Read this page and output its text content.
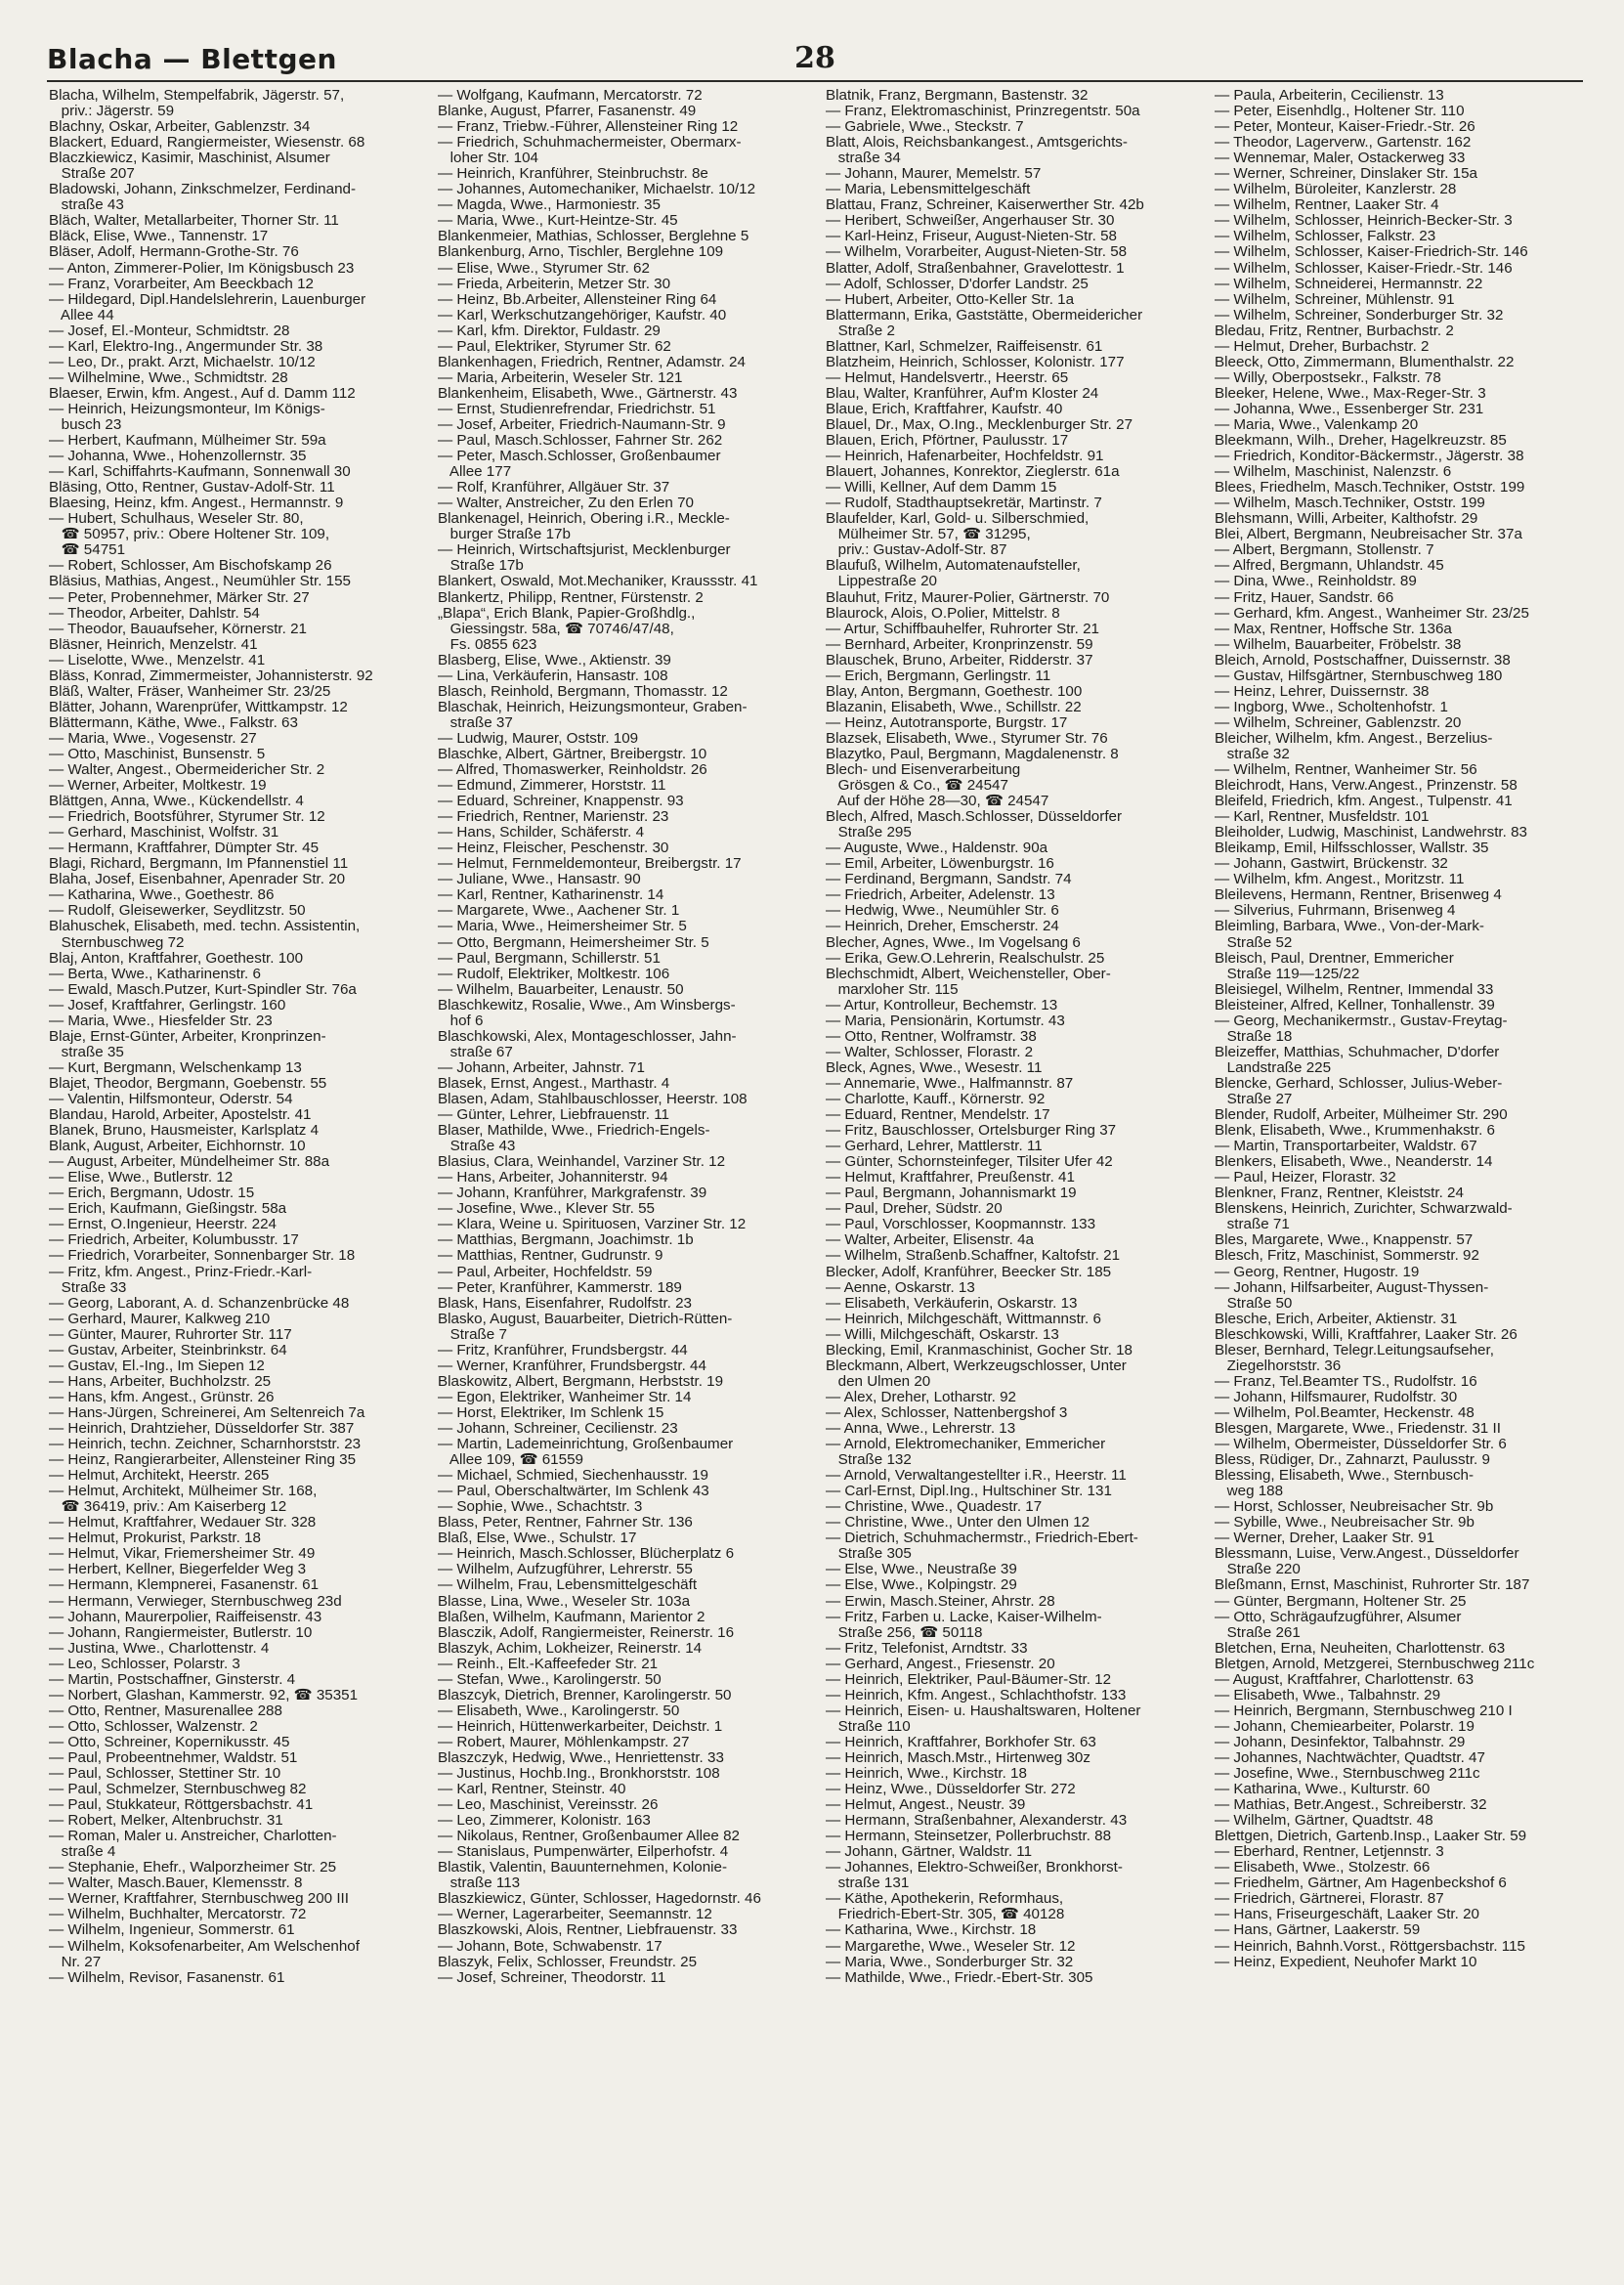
Blacha — Blettgen	28
Blacha, Wilhelm, Stempelfabrik, Jägerstr. 57,
priv.: Jägerstr. 59
Blachny, Oskar, Arbeiter, Gablenzstr. 34
Blackert, Eduard, Rangiermeister, Wiesenstr. 68
Blaczkiewicz, Kasimir, Maschinist, Alsumer
Straße 207
Bladowski, Johann, Zinkschmelzer, Ferdinand-
straße 43
Bläch, Walter, Metallarbeiter, Thorner Str. 11
Bläck, Elise, Wwe., Tannenstr. 17
Bläser, Adolf, Hermann-Grothe-Str. 76
— Anton, Zimmerer-Polier, Im Königsbusch 23
— Franz, Vorarbeiter, Am Beeckbach 12
— Hildegard, Dipl.Handelslehrerin, Lauenburger
Allee 44
— Josef, El.-Monteur, Schmidtstr. 28
— Karl, Elektro-Ing., Angermunder Str. 38
— Leo, Dr., prakt. Arzt, Michaelstr. 10/12
— Wilhelmine, Wwe., Schmidtstr. 28
Blaeser, Erwin, kfm. Angest., Auf d. Damm 112
— Heinrich, Heizungsmonteur, Im Königs-
busch 23
— Herbert, Kaufmann, Mülheimer Str. 59a
— Johanna, Wwe., Hohenzollernstr. 35
— Karl, Schiffahrts-Kaufmann, Sonnenwall 30
Bläsing, Otto, Rentner, Gustav-Adolf-Str. 11
Blaesing, Heinz, kfm. Angest., Hermannstr. 9
— Hubert, Schulhaus, Weseler Str. 80,
☎ 50957, priv.: Obere Holtener Str. 109,
☎ 54751
— Robert, Schlosser, Am Bischofskamp 26
Bläsius, Mathias, Angest., Neumühler Str. 155
— Peter, Probennehmer, Märker Str. 27
— Theodor, Arbeiter, Dahlstr. 54
— Theodor, Bauaufseher, Körnerstr. 21
Bläsner, Heinrich, Menzelstr. 41
— Liselotte, Wwe., Menzelstr. 41
Bläss, Konrad, Zimmermeister, Johannisterstr. 92
Bläß, Walter, Fräser, Wanheimer Str. 23/25
Blätter, Johann, Warenprüfer, Wittkampstr. 12
Blättermann, Käthe, Wwe., Falkstr. 63
— Maria, Wwe., Vogesenstr. 27
— Otto, Maschinist, Bunsenstr. 5
— Walter, Angest., Obermeidericher Str. 2
— Werner, Arbeiter, Moltkestr. 19
Blättgen, Anna, Wwe., Kückendellstr. 4
— Friedrich, Bootsführer, Styrumer Str. 12
— Gerhard, Maschinist, Wolfstr. 31
— Hermann, Kraftfahrer, Dümpter Str. 45
Blagi, Richard, Bergmann, Im Pfannenstiel 11
Blaha, Josef, Eisenbahner, Apenrader Str. 20
— Katharina, Wwe., Goethestr. 86
— Rudolf, Gleisewerker, Seydlitzstr. 50
Blahuschek, Elisabeth, med. techn. Assistentin,
Sternbuschweg 72
Blaj, Anton, Kraftfahrer, Goethestr. 100
— Berta, Wwe., Katharinenstr. 6
— Ewald, Masch.Putzer, Kurt-Spindler Str. 76a
— Josef, Kraftfahrer, Gerlingstr. 160
— Maria, Wwe., Hiesfelder Str. 23
Blaje, Ernst-Günter, Arbeiter, Kronprinzen-
straße 35
— Kurt, Bergmann, Welschenkamp 13
Blajet, Theodor, Bergmann, Goebenstr. 55
— Valentin, Hilfsmonteur, Oderstr. 54
Blandau, Harold, Arbeiter, Apostelstr. 41
Blanek, Bruno, Hausmeister, Karlsplatz 4
Blank, August, Arbeiter, Eichhornstr. 10
— August, Arbeiter, Mündelheimer Str. 88a
— Elise, Wwe., Butlerstr. 12
— Erich, Bergmann, Udostr. 15
— Erich, Kaufmann, Gießingstr. 58a
— Ernst, O.Ingenieur, Heerstr. 224
— Friedrich, Arbeiter, Kolumbusstr. 17
— Friedrich, Vorarbeiter, Sonnenbarger Str. 18
— Fritz, kfm. Angest., Prinz-Friedr.-Karl-
Straße 33
— Georg, Laborant, A. d. Schanzenbrücke 48
— Gerhard, Maurer, Kalkweg 210
— Günter, Maurer, Ruhrorter Str. 117
— Gustav, Arbeiter, Steinbrinkstr. 64
— Gustav, El.-Ing., Im Siepen 12
— Hans, Arbeiter, Buchholzstr. 25
— Hans, kfm. Angest., Grünstr. 26
— Hans-Jürgen, Schreinerei, Am Seltenreich 7a
— Heinrich, Drahtzieher, Düsseldorfer Str. 387
— Heinrich, techn. Zeichner, Scharnhorststr. 23
— Heinz, Rangierarbeiter, Allensteiner Ring 35
— Helmut, Architekt, Heerstr. 265
— Helmut, Architekt, Mülheimer Str. 168,
☎ 36419, priv.: Am Kaiserberg 12
— Helmut, Kraftfahrer, Wedauer Str. 328
— Helmut, Prokurist, Parkstr. 18
— Helmut, Vikar, Friemersheimer Str. 49
— Herbert, Kellner, Biegerfelder Weg 3
— Hermann, Klempnerei, Fasanenstr. 61
— Hermann, Verwieger, Sternbuschweg 23d
— Johann, Maurerpolier, Raiffeisenstr. 43
— Johann, Rangiermeister, Butlerstr. 10
— Justina, Wwe., Charlottenstr. 4
— Leo, Schlosser, Polarstr. 3
— Martin, Postschaffner, Ginsterstr. 4
— Norbert, Glashan, Kammerstr. 92, ☎ 35351
— Otto, Rentner, Masurenallee 288
— Otto, Schlosser, Walzenstr. 2
— Otto, Schreiner, Kopernikusstr. 45
— Paul, Probeentnehmer, Waldstr. 51
— Paul, Schlosser, Stettiner Str. 10
— Paul, Schmelzer, Sternbuschweg 82
— Paul, Stukkateur, Röttgersbachstr. 41
— Robert, Melker, Altenbruchstr. 31
— Roman, Maler u. Anstreicher, Charlotten-
straße 4
— Stephanie, Ehefr., Walporzheimer Str. 25
— Walter, Masch.Bauer, Klemensstr. 8
— Werner, Kraftfahrer, Sternbuschweg 200 III
— Wilhelm, Buchhalter, Mercatorstr. 72
— Wilhelm, Ingenieur, Sommerstr. 61
— Wilhelm, Koksofenarbeiter, Am Welschenhof
Nr. 27
— Wilhelm, Revisor, Fasanenstr. 61
— Wolfgang, Kaufmann, Mercatorstr. 72
Blanke, August, Pfarrer, Fasanenstr. 49
— Franz, Triebw.-Führer, Allensteiner Ring 12
— Friedrich, Schuhmachermeister, Obermarx-
loher Str. 104
— Heinrich, Kranführer, Steinbruchstr. 8e
— Johannes, Automechaniker, Michaelstr. 10/12
— Magda, Wwe., Harmoniestr. 35
— Maria, Wwe., Kurt-Heintze-Str. 45
Blankenmeier, Mathias, Schlosser, Berglehne 5
Blankenburg, Arno, Tischler, Berglehne 109
— Elise, Wwe., Styrumer Str. 62
— Frieda, Arbeiterin, Metzer Str. 30
— Heinz, Bb.Arbeiter, Allensteiner Ring 64
— Karl, Werkschutzangehöriger, Kaufstr. 40
— Karl, kfm. Direktor, Fuldastr. 29
— Paul, Elektriker, Styrumer Str. 62
Blankenhagen, Friedrich, Rentner, Adamstr. 24
— Maria, Arbeiterin, Weseler Str. 121
Blankenheim, Elisabeth, Wwe., Gärtnerstr. 43
— Ernst, Studienrefrendar, Friedrichstr. 51
— Josef, Arbeiter, Friedrich-Naumann-Str. 9
— Paul, Masch.Schlosser, Fahrner Str. 262
— Peter, Masch.Schlosser, Großenbaumer
Allee 177
— Rolf, Kranführer, Allgäuer Str. 37
— Walter, Anstreicher, Zu den Erlen 70
Blankenagel, Heinrich, Obering i.R., Meckle-
burger Straße 17b
— Heinrich, Wirtschaftsjurist, Mecklenburger
Straße 17b
Blankert, Oswald, Mot.Mechaniker, Kraussstr. 41
Blankertz, Philipp, Rentner, Fürstenstr. 2
„Blapa“, Erich Blank, Papier-Großhdlg.,
Giessingstr. 58a, ☎ 70746/47/48,
Fs. 0855 623
Blasberg, Elise, Wwe., Aktienstr. 39
— Lina, Verkäuferin, Hansastr. 108
Blasch, Reinhold, Bergmann, Thomasstr. 12
Blaschak, Heinrich, Heizungsmonteur, Graben-
straße 37
— Ludwig, Maurer, Oststr. 109
Blaschke, Albert, Gärtner, Breibergstr. 10
— Alfred, Thomaswerker, Reinholdstr. 26
— Edmund, Zimmerer, Horststr. 11
— Eduard, Schreiner, Knappenstr. 93
— Friedrich, Rentner, Marienstr. 23
— Hans, Schilder, Schäferstr. 4
— Heinz, Fleischer, Peschenstr. 30
— Helmut, Fernmeldemonteur, Breibergstr. 17
— Juliane, Wwe., Hansastr. 90
— Karl, Rentner, Katharinenstr. 14
— Margarete, Wwe., Aachener Str. 1
— Maria, Wwe., Heimersheimer Str. 5
— Otto, Bergmann, Heimersheimer Str. 5
— Paul, Bergmann, Schillerstr. 51
— Rudolf, Elektriker, Moltkestr. 106
— Wilhelm, Bauarbeiter, Lenaustr. 50
Blaschkewitz, Rosalie, Wwe., Am Winsbergs-
hof 6
Blaschkowski, Alex, Montageschlosser, Jahn-
straße 67
— Johann, Arbeiter, Jahnstr. 71
Blasek, Ernst, Angest., Marthastr. 4
Blasen, Adam, Stahlbauschlosser, Heerstr. 108
— Günter, Lehrer, Liebfrauenstr. 11
Blaser, Mathilde, Wwe., Friedrich-Engels-
Straße 43
Blasius, Clara, Weinhandel, Varziner Str. 12
— Hans, Arbeiter, Johanniterstr. 94
— Johann, Kranführer, Markgrafenstr. 39
— Josefine, Wwe., Klever Str. 55
— Klara, Weine u. Spirituosen, Varziner Str. 12
— Matthias, Bergmann, Joachimstr. 1b
— Matthias, Rentner, Gudrunstr. 9
— Paul, Arbeiter, Hochfeldstr. 59
— Peter, Kranführer, Kammerstr. 189
Blask, Hans, Eisenfahrer, Rudolfstr. 23
Blasko, August, Bauarbeiter, Dietrich-Rütten-
Straße 7
— Fritz, Kranführer, Frundsbergstr. 44
— Werner, Kranführer, Frundsbergstr. 44
Blaskowitz, Albert, Bergmann, Herbststr. 19
— Egon, Elektriker, Wanheimer Str. 14
— Horst, Elektriker, Im Schlenk 15
— Johann, Schreiner, Cecilienstr. 23
— Martin, Lademeinrichtung, Großenbaumer
Allee 109, ☎ 61559
— Michael, Schmied, Siechenhausstr. 19
— Paul, Oberschaltwärter, Im Schlenk 43
— Sophie, Wwe., Schachtstr. 3
Blass, Peter, Rentner, Fahrner Str. 136
Blaß, Else, Wwe., Schulstr. 17
— Heinrich, Masch.Schlosser, Blücherplatz 6
— Wilhelm, Aufzugführer, Lehrerstr. 55
— Wilhelm, Frau, Lebensmittelgeschäft
Blasse, Lina, Wwe., Weseler Str. 103a
Blaßen, Wilhelm, Kaufmann, Marientor 2
Blasczik, Adolf, Rangiermeister, Reinerstr. 16
Blaszyk, Achim, Lokheizer, Reinerstr. 14
— Reinh., Elt.-Kaffeefeder Str. 21
— Stefan, Wwe., Karolingerstr. 50
Blaszcyk, Dietrich, Brenner, Karolingerstr. 50
— Elisabeth, Wwe., Karolingerstr. 50
— Heinrich, Hüttenwerkarbeiter, Deichstr. 1
— Robert, Maurer, Möhlenkampstr. 27
Blaszczyk, Hedwig, Wwe., Henriettenstr. 33
— Justinus, Hochb.Ing., Bronkhorststr. 108
— Karl, Rentner, Steinstr. 40
— Leo, Maschinist, Vereinsstr. 26
— Leo, Zimmerer, Kolonistr. 163
— Nikolaus, Rentner, Großenbaumer Allee 82
— Stanislaus, Pumpenwärter, Eilperhofstr. 4
Blastik, Valentin, Bauunternehmen, Kolonie-
straße 113
Blaszkiewicz, Günter, Schlosser, Hagedornstr. 46
— Werner, Lagerarbeiter, Seemannstr. 12
Blaszkowski, Alois, Rentner, Liebfrauenstr. 33
— Johann, Bote, Schwabenstr. 17
Blaszyk, Felix, Schlosser, Freundstr. 25
— Josef, Schreiner, Theodorstr. 11
Blatnik, Franz, Bergmann, Bastenstr. 32
— Franz, Elektromaschinist, Prinzregentstr. 50a
— Gabriele, Wwe., Steckstr. 7
Blatt, Alois, Reichsbankangest., Amtsgerichts-
straße 34
— Johann, Maurer, Memelstr. 57
— Maria, Lebensmittelgeschäft
Blattau, Franz, Schreiner, Kaiserwerther Str. 42b
— Heribert, Schweißer, Angerhauser Str. 30
— Karl-Heinz, Friseur, August-Nieten-Str. 58
— Wilhelm, Vorarbeiter, August-Nieten-Str. 58
Blatter, Adolf, Straßenbahner, Gravelottestr. 1
— Adolf, Schlosser, D'dorfer Landstr. 25
— Hubert, Arbeiter, Otto-Keller Str. 1a
Blattermann, Erika, Gaststätte, Obermeidericher
Straße 2
Blattner, Karl, Schmelzer, Raiffeisenstr. 61
Blatzheim, Heinrich, Schlosser, Kolonistr. 177
— Helmut, Handelsvertr., Heerstr. 65
Blau, Walter, Kranführer, Auf'm Kloster 24
Blaue, Erich, Kraftfahrer, Kaufstr. 40
Blauel, Dr., Max, O.Ing., Mecklenburger Str. 27
Blauen, Erich, Pförtner, Paulusstr. 17
— Heinrich, Hafenarbeiter, Hochfeldstr. 91
Blauert, Johannes, Konrektor, Zieglerstr. 61a
— Willi, Kellner, Auf dem Damm 15
— Rudolf, Stadthauptsekretär, Martinstr. 7
Blaufelder, Karl, Gold- u. Silberschmied,
Mülheimer Str. 57, ☎ 31295,
priv.: Gustav-Adolf-Str. 87
Blaufuß, Wilhelm, Automatenaufsteller,
Lippestraße 20
Blauhut, Fritz, Maurer-Polier, Gärtnerstr. 70
Blaurock, Alois, O.Polier, Mittelstr. 8
— Artur, Schiffbauhelfer, Ruhrorter Str. 21
— Bernhard, Arbeiter, Kronprinzenstr. 59
Blauschek, Bruno, Arbeiter, Ridderstr. 37
— Erich, Bergmann, Gerlingstr. 11
Blay, Anton, Bergmann, Goethestr. 100
Blazanin, Elisabeth, Wwe., Schillstr. 22
— Heinz, Autotransporte, Burgstr. 17
Blazsek, Elisabeth, Wwe., Styrumer Str. 76
Blazytko, Paul, Bergmann, Magdalenenstr. 8
Blech- und Eisenverarbeitung
Grösgen & Co., ☎ 24547
Auf der Höhe 28—30, ☎ 24547
Blech, Alfred, Masch.Schlosser, Düsseldorfer
Straße 295
— Auguste, Wwe., Haldenstr. 90a
— Emil, Arbeiter, Löwenburgstr. 16
— Ferdinand, Bergmann, Sandstr. 74
— Friedrich, Arbeiter, Adelenstr. 13
— Hedwig, Wwe., Neumühler Str. 6
— Heinrich, Dreher, Emscherstr. 24
Blecher, Agnes, Wwe., Im Vogelsang 6
— Erika, Gew.O.Lehrerin, Realschulstr. 25
Blechschmidt, Albert, Weichensteller, Ober-
marxloher Str. 115
— Artur, Kontrolleur, Bechemstr. 13
— Maria, Pensionärin, Kortumstr. 43
— Otto, Rentner, Wolframstr. 38
— Walter, Schlosser, Florastr. 2
Bleck, Agnes, Wwe., Wesestr. 11
— Annemarie, Wwe., Halfmannstr. 87
— Charlotte, Kauff., Körnerstr. 92
— Eduard, Rentner, Mendelstr. 17
— Fritz, Bauschlosser, Ortelsburger Ring 37
— Gerhard, Lehrer, Mattlerstr. 11
— Günter, Schornsteinfeger, Tilsiter Ufer 42
— Helmut, Kraftfahrer, Preußenstr. 41
— Paul, Bergmann, Johannismarkt 19
— Paul, Dreher, Südstr. 20
— Paul, Vorschlosser, Koopmannstr. 133
— Walter, Arbeiter, Elisenstr. 4a
— Wilhelm, Straßenb.Schaffner, Kaltofstr. 21
Blecker, Adolf, Kranführer, Beecker Str. 185
— Aenne, Oskarstr. 13
— Elisabeth, Verkäuferin, Oskarstr. 13
— Heinrich, Milchgeschäft, Wittmannstr. 6
— Willi, Milchgeschäft, Oskarstr. 13
Blecking, Emil, Kranmaschinist, Gocher Str. 18
Bleckmann, Albert, Werkzeugschlosser, Unter
den Ulmen 20
— Alex, Dreher, Lotharstr. 92
— Alex, Schlosser, Nattenbergshof 3
— Anna, Wwe., Lehrerstr. 13
— Arnold, Elektromechaniker, Emmericher
Straße 132
— Arnold, Verwaltangestellter i.R., Heerstr. 11
— Carl-Ernst, Dipl.Ing., Hultschiner Str. 131
— Christine, Wwe., Quadestr. 17
— Christine, Wwe., Unter den Ulmen 12
— Dietrich, Schuhmachermstr., Friedrich-Ebert-
Straße 305
— Else, Wwe., Neustraße 39
— Else, Wwe., Kolpingstr. 29
— Erwin, Masch.Steiner, Ahrstr. 28
— Fritz, Farben u. Lacke, Kaiser-Wilhelm-
Straße 256, ☎ 50118
— Fritz, Telefonist, Arndtstr. 33
— Gerhard, Angest., Friesenstr. 20
— Heinrich, Elektriker, Paul-Bäumer-Str. 12
— Heinrich, Kfm. Angest., Schlachthofstr. 133
— Heinrich, Eisen- u. Haushaltswaren, Holtener
Straße 110
— Heinrich, Kraftfahrer, Borkhofer Str. 63
— Heinrich, Masch.Mstr., Hirtenweg 30z
— Heinrich, Wwe., Kirchstr. 18
— Heinz, Wwe., Düsseldorfer Str. 272
— Helmut, Angest., Neustr. 39
— Hermann, Straßenbahner, Alexanderstr. 43
— Hermann, Steinsetzer, Pollerbruchstr. 88
— Johann, Gärtner, Waldstr. 11
— Johannes, Elektro-Schweißer, Bronkhorst-
straße 131
— Käthe, Apothekerin, Reformhaus,
Friedrich-Ebert-Str. 305, ☎ 40128
— Katharina, Wwe., Kirchstr. 18
— Margarethe, Wwe., Weseler Str. 12
— Maria, Wwe., Sonderburger Str. 32
— Mathilde, Wwe., Friedr.-Ebert-Str. 305
— Paula, Arbeiterin, Cecilienstr. 13
— Peter, Eisenhdlg., Holtener Str. 110
— Peter, Monteur, Kaiser-Friedr.-Str. 26
— Theodor, Lagerverw., Gartenstr. 162
— Wennemar, Maler, Ostackerweg 33
— Werner, Schreiner, Dinslaker Str. 15a
— Wilhelm, Büroleiter, Kanzlerstr. 28
— Wilhelm, Rentner, Laaker Str. 4
— Wilhelm, Schlosser, Heinrich-Becker-Str. 3
— Wilhelm, Schlosser, Falkstr. 23
— Wilhelm, Schlosser, Kaiser-Friedrich-Str. 146
— Wilhelm, Schlosser, Kaiser-Friedr.-Str. 146
— Wilhelm, Schneiderei, Hermannstr. 22
— Wilhelm, Schreiner, Mühlenstr. 91
— Wilhelm, Schreiner, Sonderburger Str. 32
Bledau, Fritz, Rentner, Burbachstr. 2
— Helmut, Dreher, Burbachstr. 2
Bleeck, Otto, Zimmermann, Blumenthalstr. 22
— Willy, Oberpostsekr., Falkstr. 78
Bleeker, Helene, Wwe., Max-Reger-Str. 3
— Johanna, Wwe., Essenberger Str. 231
— Maria, Wwe., Valenkamp 20
Bleekmann, Wilh., Dreher, Hagelkreuzstr. 85
— Friedrich, Konditor-Bäckermstr., Jägerstr. 38
— Wilhelm, Maschinist, Nalenzstr. 6
Blees, Friedhelm, Masch.Techniker, Oststr. 199
— Wilhelm, Masch.Techniker, Oststr. 199
Blehsmann, Willi, Arbeiter, Kalthofstr. 29
Blei, Albert, Bergmann, Neubreisacher Str. 37a
— Albert, Bergmann, Stollenstr. 7
— Alfred, Bergmann, Uhlandstr. 45
— Dina, Wwe., Reinholdstr. 89
— Fritz, Hauer, Sandstr. 66
— Gerhard, kfm. Angest., Wanheimer Str. 23/25
— Max, Rentner, Hoffsche Str. 136a
— Wilhelm, Bauarbeiter, Fröbelstr. 38
Bleich, Arnold, Postschaffner, Duissernstr. 38
— Gustav, Hilfsgärtner, Sternbuschweg 180
— Heinz, Lehrer, Duissernstr. 38
— Ingborg, Wwe., Scholtenhofstr. 1
— Wilhelm, Schreiner, Gablenzstr. 20
Bleicher, Wilhelm, kfm. Angest., Berzelius-
straße 32
— Wilhelm, Rentner, Wanheimer Str. 56
Bleichrodt, Hans, Verw.Angest., Prinzenstr. 58
Bleifeld, Friedrich, kfm. Angest., Tulpenstr. 41
— Karl, Rentner, Musfeldstr. 101
Bleiholder, Ludwig, Maschinist, Landwehrstr. 83
Bleikamp, Emil, Hilfsschlosser, Wallstr. 35
— Johann, Gastwirt, Brückenstr. 32
— Wilhelm, kfm. Angest., Moritzstr. 11
Bleilevens, Hermann, Rentner, Brisenweg 4
— Silverius, Fuhrmann, Brisenweg 4
Bleimling, Barbara, Wwe., Von-der-Mark-
Straße 52
Bleisch, Paul, Drentner, Emmericher
Straße 119—125/22
Bleisiegel, Wilhelm, Rentner, Immendal 33
Bleisteiner, Alfred, Kellner, Tonhallenstr. 39
— Georg, Mechanikermstr., Gustav-Freytag-
Straße 18
Bleizeffer, Matthias, Schuhmacher, D'dorfer
Landstraße 225
Blencke, Gerhard, Schlosser, Julius-Weber-
Straße 27
Blender, Rudolf, Arbeiter, Mülheimer Str. 290
Blenk, Elisabeth, Wwe., Krummenhakstr. 6
— Martin, Transportarbeiter, Waldstr. 67
Blenkers, Elisabeth, Wwe., Neanderstr. 14
— Paul, Heizer, Florastr. 32
Blenkner, Franz, Rentner, Kleiststr. 24
Blenskens, Heinrich, Zurichter, Schwarzwald-
straße 71
Bles, Margarete, Wwe., Knappenstr. 57
Blesch, Fritz, Maschinist, Sommerstr. 92
— Georg, Rentner, Hugostr. 19
— Johann, Hilfsarbeiter, August-Thyssen-
Straße 50
Blesche, Erich, Arbeiter, Aktienstr. 31
Bleschkowski, Willi, Kraftfahrer, Laaker Str. 26
Bleser, Bernhard, Telegr.Leitungsaufseher,
Ziegelhorststr. 36
— Franz, Tel.Beamter TS., Rudolfstr. 16
— Johann, Hilfsmaurer, Rudolfstr. 30
— Wilhelm, Pol.Beamter, Heckenstr. 48
Blesgen, Margarete, Wwe., Friedenstr. 31 II
— Wilhelm, Obermeister, Düsseldorfer Str. 6
Bless, Rüdiger, Dr., Zahnarzt, Paulusstr. 9
Blessing, Elisabeth, Wwe., Sternbusch-
weg 188
— Horst, Schlosser, Neubreisacher Str. 9b
— Sybille, Wwe., Neubreisacher Str. 9b
— Werner, Dreher, Laaker Str. 91
Blessmann, Luise, Verw.Angest., Düsseldorfer
Straße 220
Bleßmann, Ernst, Maschinist, Ruhrorter Str. 187
— Günter, Bergmann, Holtener Str. 25
— Otto, Schrägaufzugführer, Alsumer
Straße 261
Bletchen, Erna, Neuheiten, Charlottenstr. 63
Bletgen, Arnold, Metzgerei, Sternbuschweg 211c
— August, Kraftfahrer, Charlottenstr. 63
— Elisabeth, Wwe., Talbahnstr. 29
— Heinrich, Bergmann, Sternbuschweg 210 I
— Johann, Chemiearbeiter, Polarstr. 19
— Johann, Desinfektor, Talbahnstr. 29
— Johannes, Nachtwächter, Quadtstr. 47
— Josefine, Wwe., Sternbuschweg 211c
— Katharina, Wwe., Kulturstr. 60
— Mathias, Betr.Angest., Schreiberstr. 32
— Wilhelm, Gärtner, Quadtstr. 48
Blettgen, Dietrich, Gartenb.Insp., Laaker Str. 59
— Eberhard, Rentner, Letjennstr. 3
— Elisabeth, Wwe., Stolzestr. 66
— Friedhelm, Gärtner, Am Hagenbeckshof 6
— Friedrich, Gärtnerei, Florastr. 87
— Hans, Friseurgeschäft, Laaker Str. 20
— Hans, Gärtner, Laakerstr. 59
— Heinrich, Bahnh.Vorst., Röttgersbachstr. 115
— Heinz, Expedient, Neuhofer Markt 10
